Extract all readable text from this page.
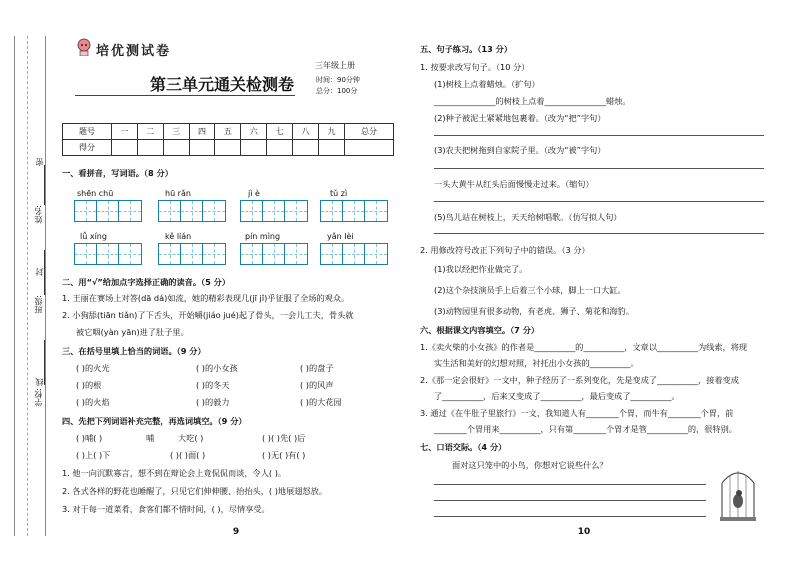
密
封
线
姓名:
班级:
学校:
培优测试卷
三年级上册
第三单元通关检测卷	时间：90分钟
总分：100分
题号	一	二	三	四	五	六	七	八	九	总分
得分										
一、看拼音，写词语。（8 分）
shēn chū	hū rǎn	jì è	tǔ zì
lǚ xíng	kě lián	pín mìng	yǎn lèi
二、用“√”给加点字选择正确的读音。（5 分）
1. 王丽在赛场上对答(dā dá)如流，她的精彩表现几(jī jǐ)乎征服了全场的观众。
2. 小狗舔(tiān tiǎn)了下舌头，开始嚼(jiáo jué)起了骨头，一会儿工夫，骨头就
被它咽(yàn yān)进了肚子里。
三、在括号里填上恰当的词语。（9 分）
( )的火光	( )的小女孩	( )的盘子
( )的根	( )的冬天	( )的风声
( )的火焰	( )的毅力	( )的大花园
四、先把下列词语补充完整，再选词填空。（9 分）
( )哺( )	哺	大吃( )	( )( )先( )后
( )上( )下	( )( )面( )	( )无( )有( )
1. 他一向沉默寡言，想不到在辩论会上竟侃侃而谈，令人( )。
2. 各式各样的野花也睡醒了，只见它们伸伸腰、抬抬头，( )地展翅怒放。
3. 对于每一道菜肴，食客们都不惜时间，( )，尽情享受。
9
五、句子练习。（13 分）
1. 按要求改写句子。（10 分）
(1)树枝上点着蜡烛。（扩句）
_______________的树枝上点着_______________蜡烛。
(2)种子被泥土紧紧地包裹着。（改为“把”字句）
(3)农夫把树拖到自家院子里。（改为“被”字句）
一头大黄牛从红头后面慢慢走过来。（缩句）
(5)鸟儿站在树枝上，天天给树唱歌。（仿写拟人句）
2. 用修改符号改正下列句子中的错误。（3 分）
(1)我以经把作业做完了。
(2)这个杂技演员手上后着三个小球，脚上一口大缸。
(3)动物园里有很多动物，有老虎、狮子、菊花和海豹。
六、根据课文内容填空。（7 分）
1.《卖火柴的小女孩》的作者是__________的__________，文章以__________为线索，将现
实生活和美好的幻想对照，衬托出小女孩的__________。
2.《那一定会很好》一文中，种子经历了一系列变化，先是变成了__________，接着变成
了__________，后来又变成了__________，最后变成了__________。
3. 通过《在牛肚子里旅行》一文，我知道人有________个胃，而牛有________个胃，前
________个胃用来__________，只有第________个胃才是管__________的，很特别。
七、口语交际。（4 分）
面对这只笼中的小鸟，你想对它说些什么？
10
